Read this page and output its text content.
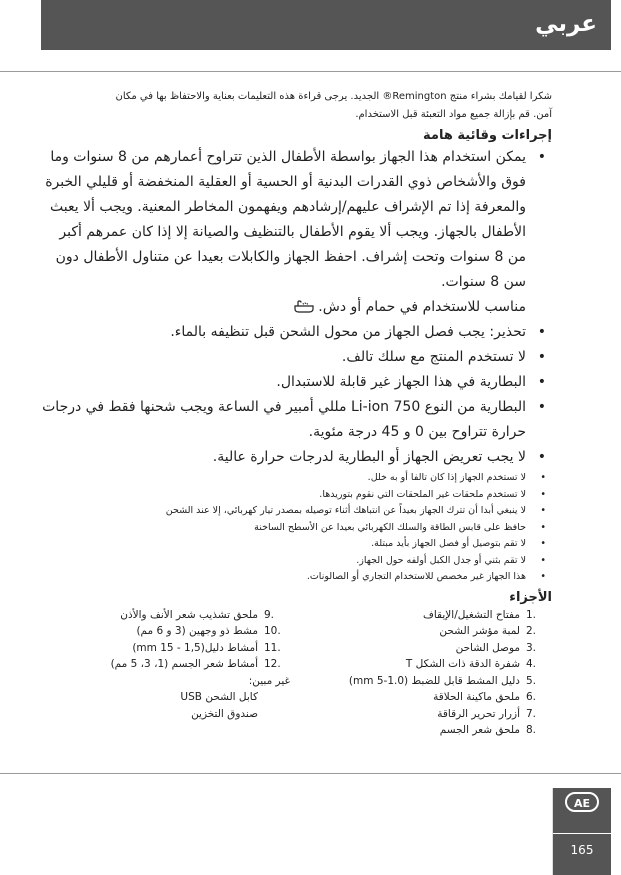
عربي

شكرا لقيامك بشراء منتج Remington® الجديد. يرجى قراءة هذه التعليمات بعناية والاحتفاظ بها في مكان

آمن. قم بإزالة جميع مواد التعبئة قبل الاستخدام.

إجراءات وقائية هامة
• يمكن استخدام هذا الجهاز بواسطة الأطفال الذين تتراوح أعمارهم من 8 سنوات وما فوق والأشخاص ذوي القدرات البدنية أو الحسية أو العقلية المنخفضة أو قليلي الخبرة والمعرفة إذا تم الإشراف عليهم/إرشادهم ويفهمون المخاطر المعنية. ويجب ألا يعبث الأطفال بالجهاز. ويجب ألا يقوم الأطفال بالتنظيف والصيانة إلا إذا كان عمرهم أكبر من 8 سنوات وتحت إشراف. احفظ الجهاز والكابلات بعيدا عن متناول الأطفال دون سن 8 سنوات.
مناسب للاستخدام في حمام أو دش.
• تحذير: يجب فصل الجهاز من محول الشحن قبل تنظيفه بالماء.
• لا تستخدم المنتج مع سلك تالف.
• البطارية في هذا الجهاز غير قابلة للاستبدال.
• البطارية من النوع Li-ion 750 مللي أمبير في الساعة ويجب شحنها فقط في درجات حرارة تتراوح بين 0 و 45 درجة مئوية.
• لا يجب تعريض الجهاز أو البطارية لدرجات حرارة عالية.
• لا تستخدم الجهاز إذا كان تالفا أو به خلل.
• لا تستخدم ملحقات غير الملحقات التي نقوم بتوريدها.
• لا ينبغي أبدا أن تترك الجهاز بعيداً عن انتباهك أثناء توصيله بمصدر تيار كهربائي، إلا عند الشحن
• حافظ على قابس الطاقة والسلك الكهربائي بعيدا عن الأسطح الساخنة
• لا تقم بتوصيل أو فصل الجهاز بأيد مبتلة.
• لا تقم بثني أو جدل الكبل أولفه حول الجهاز.
• هذا الجهاز غير مخصص للاستخدام التجاري أو الصالونات.
الأجزاء
1.
مفتاح التشغيل/الإيقاف
2.
لمبة مؤشر الشحن
3.
موصل الشاحن
4.
شفرة الدقة ذات الشكل T
5.
دليل المشط قابل للضبط (1.0-5 mm)
6.
ملحق ماكينة الحلاقة
7.
أزرار تحرير الرقاقة
8.
ملحق شعر الجسم
9.
ملحق تشذيب شعر الأنف والأذن
10.
مشط ذو وجهين (3 و 6 مم)
11.
أمشاط دليل(mm 15 - 1,5)
12.
أمشاط شعر الجسم (1، 3، 5 مم)
غير مبين:
كابل الشحن USB
صندوق التخزين
AE
165
